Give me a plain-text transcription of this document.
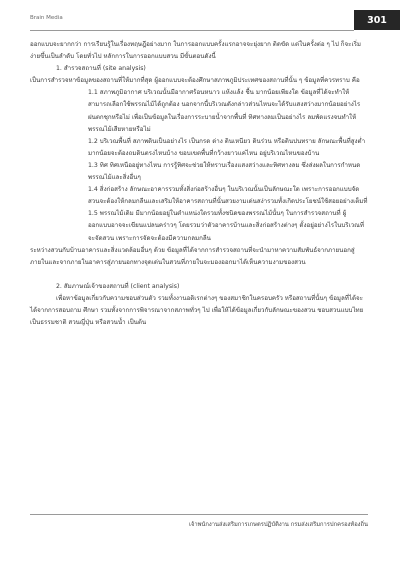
Brain Media	301

ออกแบบจะยากกว่า การเรียนรู้ในเรื่องทฤษฎีอย่างมาก ในการออกแบบครั้งแรกอาจจะยุ่งยาก ติดขัด แต่ในครั้งต่อ ๆ ไป ก็จะเริ่มง่ายขึ้นเป็นลำดับ โดยทั่วไป หลักการในการออกแบบสวน มีขั้นตอนดังนี้

1. สำรวจสถานที่ (site analysis)

เป็นการสำรวจหาข้อมูลของสถานที่ให้มากที่สุด ผู้ออกแบบจะต้องศึกษาสภาพภูมิประเทศของสถานที่นั้น ๆ ข้อมูลที่ควรทราบ คือ

1.1 สภาพภูมิอากาศ บริเวณนั้นมีอากาศร้อนหนาว แห้งแล้ง ชื้น มากน้อยเพียงใด ข้อมูลที่ได้จะทำให้สามารถเลือกใช้พรรณไม้ได้ถูกต้อง นอกจากนี้บริเวณดังกล่าวส่วนไหนจะได้รับแสงสว่างมากน้อยอย่างไร ฝนตกชุกหรือไม่ เพื่อเป็นข้อมูลในเรื่องการระบายน้ำจากพื้นที่ ทิศทางลมเป็นอย่างไร ลมพัดแรงจนทำให้พรรณไม้เสียหายหรือไม่

1.2 บริเวณพื้นที่ สภาพดินเป็นอย่างไร เป็นกรด ด่าง ดินเหนียว ดินร่วน หรือดินปนทราย ลักษณะพื้นที่สูงต่ำมากน้อยจะต้องถมดินตรงไหนบ้าง ขอบเขตพื้นที่กว้างยาวแค่ไหน อยู่บริเวณไหนของบ้าน

1.3 ทิศ ทิศเหนืออยู่ทางไหน การรู้ทิศจะช่วยให้ทราบเรื่องแสงสว่างและทิศทางลม ซึ่งส่งผลในการกำหนดพรรณไม้และสิ่งอื่นๆ

1.4 สิ่งก่อสร้าง ลักษณะอาคารรวมทั้งสิ่งก่อสร้างอื่นๆ ในบริเวณนั้นเป็นลักษณะใด เพราะการออกแบบจัดสวนจะต้องให้กลมกลืนและเสริมให้อาคารสถานที่นั้นสวยงามเด่นสง่ารวมทั้งเกิดประโยชน์ใช้สอยอย่างเต็มที่

1.5 พรรณไม้เดิม มีมากน้อยอยู่ในตำแหน่งใดรวมทั้งชนิดของพรรณไม้นั้นๆ ในการสำรวจสถานที่ ผู้ออกแบบอาจจะเขียนแปลนคร่าวๆ โดยรวมว่าตัวอาคารบ้านและสิ่งก่อสร้างต่างๆ ตั้งอยู่อย่างไรในบริเวณที่จะจัดสวน เพราะการจัดจะต้องมีความกลมกลืน

ระหว่างสวนกับบ้านอาคารและสิ่งแวดล้อมอื่นๆ ด้วย ข้อมูลที่ได้จากการสำรวจสถานที่จะนำมาหาความสัมพันธ์จากภายนอกสู่ภายในและจากภายในอาคารสู่ภายนอกทางจุดเด่นในสวนที่ภายในจะมองออกมาได้เห็นความงามของสวน

2. สัมภาษณ์เจ้าของสถานที่ (client analysis)

เพื่อหาข้อมูลเกี่ยวกับความชอบส่วนตัว รวมทั้งงานอดิเรกต่างๆ ของสมาชิกในครอบครัว หรือสถานที่นั้นๆ ข้อมูลที่ได้จะได้จากการสอบถาม ศึกษา รวมทั้งจากการพิจารณาจากสภาพทั่วๆ ไป เพื่อให้ได้ข้อมูลเกี่ยวกับลักษณะของสวน ชอบสวนแบบไทยเป็นธรรมชาติ สวนญี่ปุ่น หรือสวนน้ำ เป็นต้น

เจ้าพนักงานส่งเสริมการเกษตรปฏิบัติงาน กรมส่งเสริมการปกครองท้องถิ่น
